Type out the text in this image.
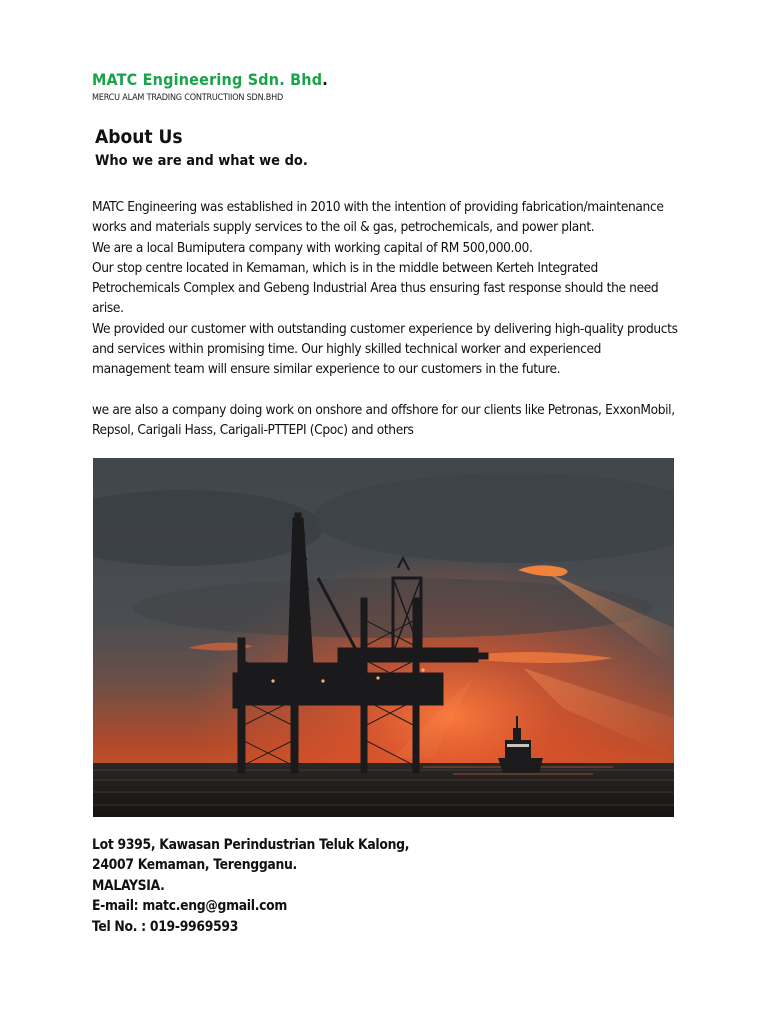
MATC Engineering Sdn. Bhd.
MERCU ALAM TRADING CONTRUCTIION SDN.BHD
About Us
Who we are and what we do.

MATC Engineering was established in 2010 with the intention of providing fabrication/maintenance works and materials supply services to the oil & gas, petrochemicals, and power plant.

We are a local Bumiputera company with working capital of RM 500,000.00.

Our stop centre located in Kemaman, which is in the middle between Kerteh Integrated Petrochemicals Complex and Gebeng Industrial Area thus ensuring fast response should the need arise.

We provided our customer with outstanding customer experience by delivering high-quality products and services within promising time. Our highly skilled technical worker and experienced management team will ensure similar experience to our customers in the future.

we are also a company doing work on onshore and offshore for our clients like Petronas, ExxonMobil, Repsol, Carigali Hass, Carigali-PTTEPI (Cpoc) and others

Lot 9395, Kawasan Perindustrian Teluk Kalong,
24007 Kemaman, Terengganu.
MALAYSIA.
E-mail: matc.eng@gmail.com
Tel No. : 019-9969593
